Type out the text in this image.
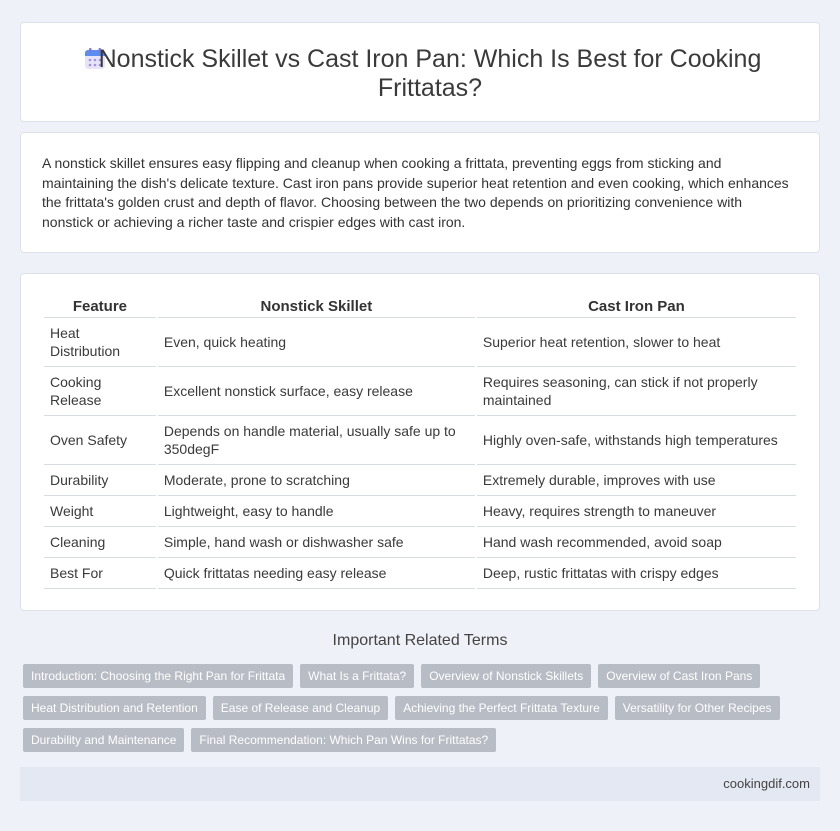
Nonstick Skillet vs Cast Iron Pan: Which Is Best for Cooking Frittatas?

A nonstick skillet ensures easy flipping and cleanup when cooking a frittata, preventing eggs from sticking and maintaining the dish's delicate texture. Cast iron pans provide superior heat retention and even cooking, which enhances the frittata's golden crust and depth of flavor. Choosing between the two depends on prioritizing convenience with nonstick or achieving a richer taste and crispier edges with cast iron.

Feature	Nonstick Skillet	Cast Iron Pan
Heat Distribution	Even, quick heating	Superior heat retention, slower to heat
Cooking Release	Excellent nonstick surface, easy release	Requires seasoning, can stick if not properly maintained
Oven Safety	Depends on handle material, usually safe up to 350degF	Highly oven-safe, withstands high temperatures
Durability	Moderate, prone to scratching	Extremely durable, improves with use
Weight	Lightweight, easy to handle	Heavy, requires strength to maneuver
Cleaning	Simple, hand wash or dishwasher safe	Hand wash recommended, avoid soap
Best For	Quick frittatas needing easy release	Deep, rustic frittatas with crispy edges
Important Related Terms
Introduction: Choosing the Right Pan for Frittata	What Is a Frittata?	Overview of Nonstick Skillets	Overview of Cast Iron Pans
Heat Distribution and Retention	Ease of Release and Cleanup	Achieving the Perfect Frittata Texture	Versatility for Other Recipes
Durability and Maintenance	Final Recommendation: Which Pan Wins for Frittatas?
cookingdif.com
